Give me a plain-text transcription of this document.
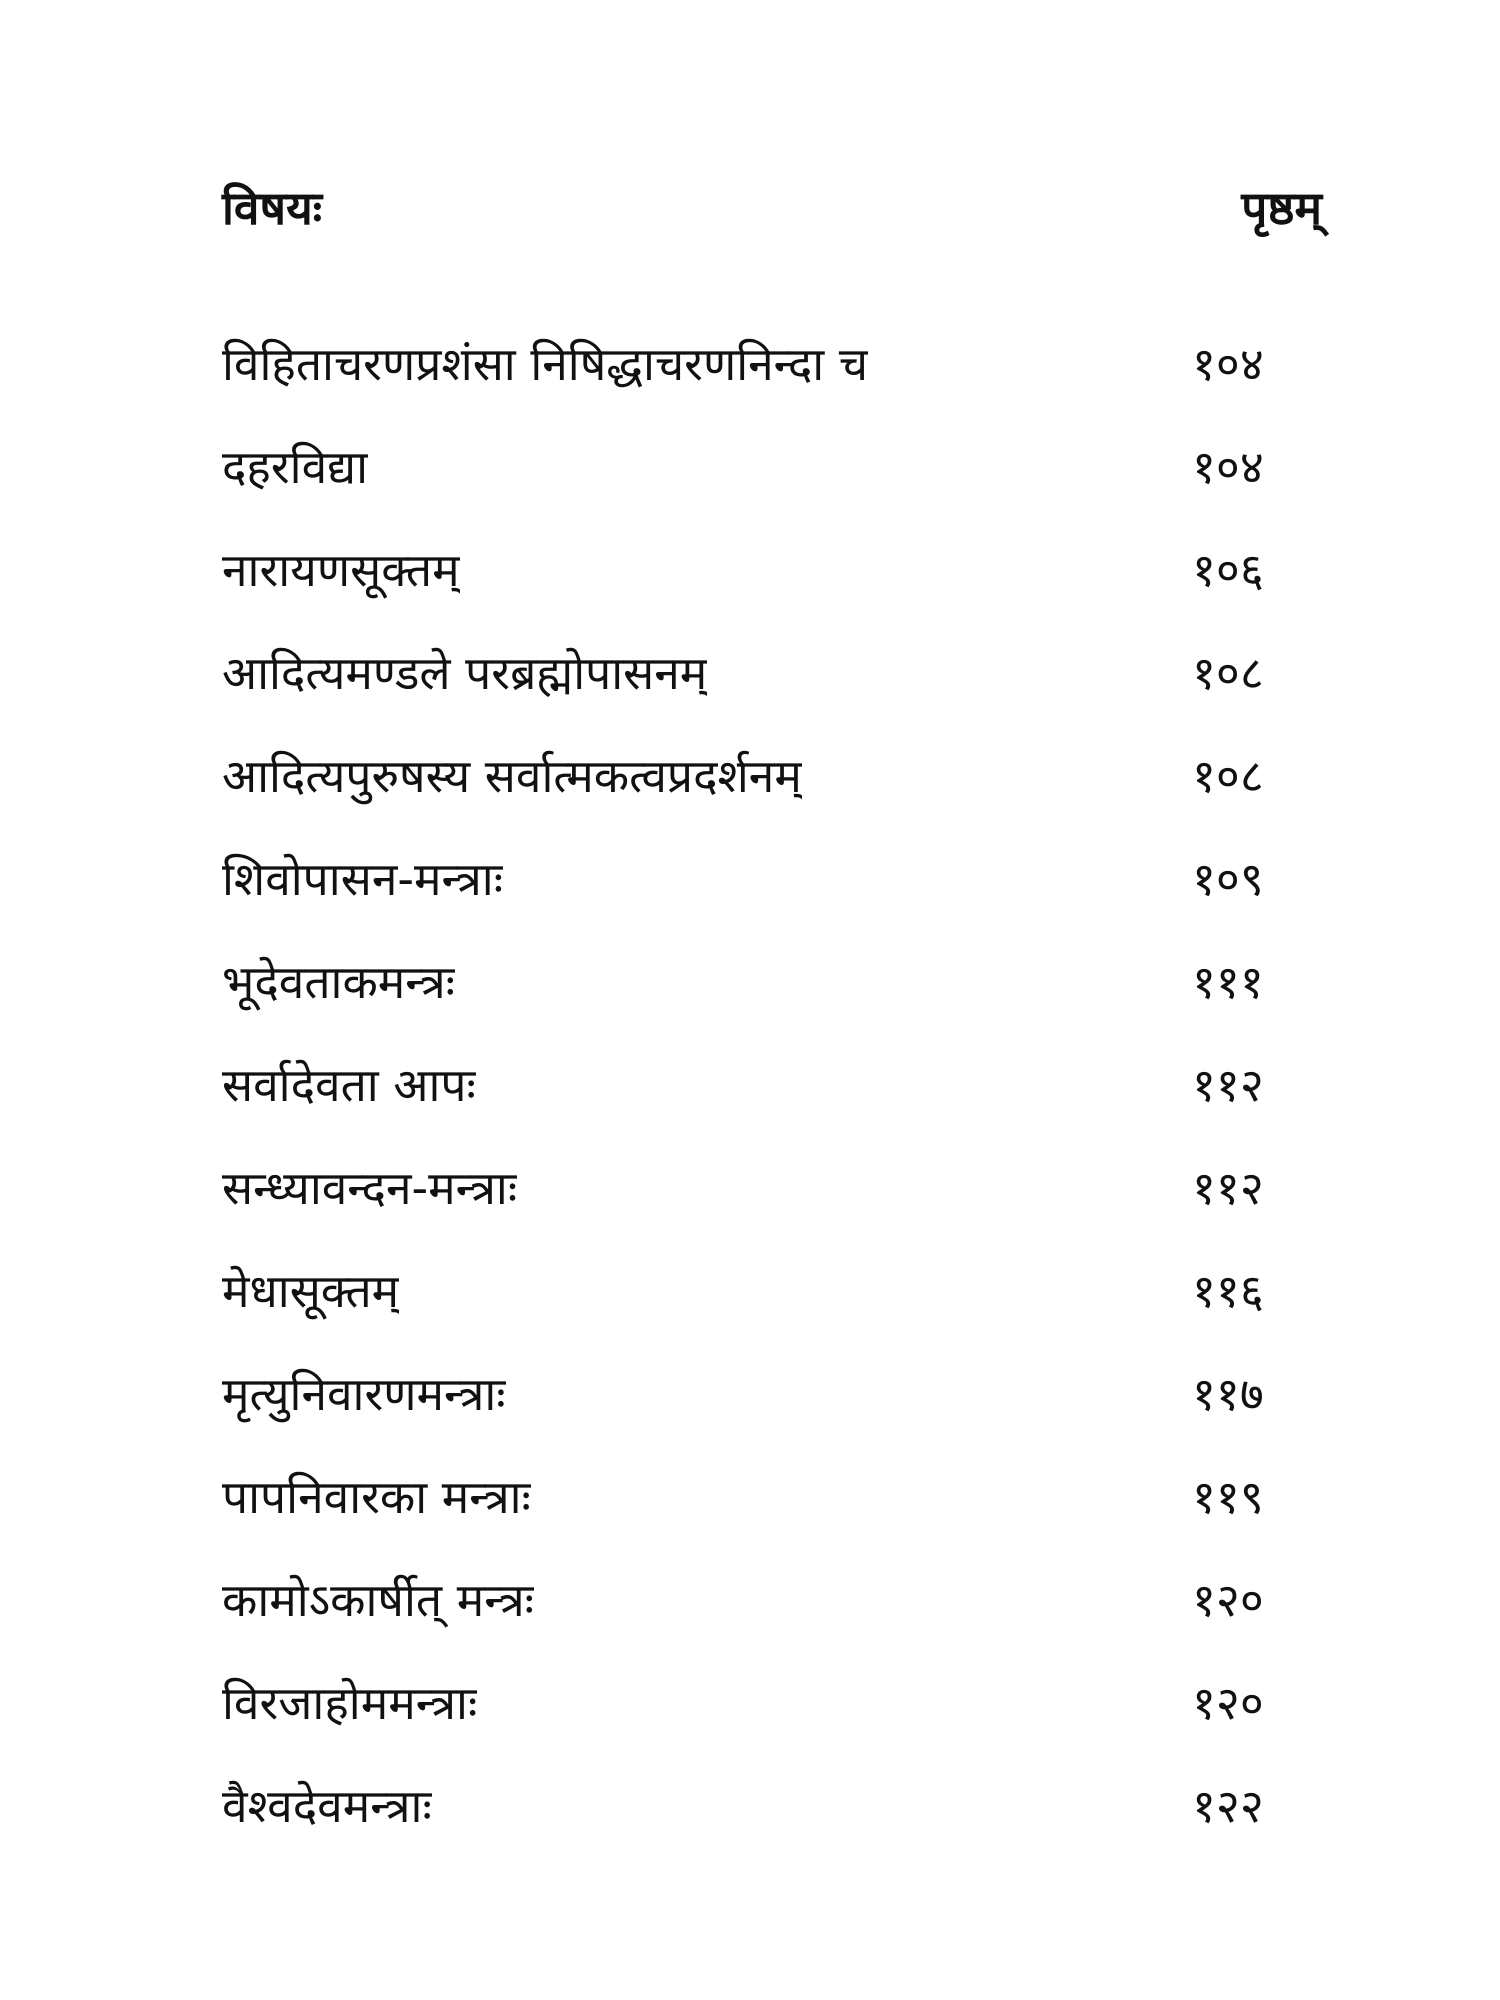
विषयः	पृष्ठम्
विहिताचरणप्रशंसा निषिद्धाचरणनिन्दा च	१०४
दहरविद्या	१०४
नारायणसूक्तम्	१०६
आदित्यमण्डले परब्रह्मोपासनम्	१०८
आदित्यपुरुषस्य सर्वात्मकत्वप्रदर्शनम्	१०८
शिवोपासन-मन्त्राः	१०९
भूदेवताकमन्त्रः	१११
सर्वादेवता आपः	११२
सन्ध्यावन्दन-मन्त्राः	११२
मेधासूक्तम्	११६
मृत्युनिवारणमन्त्राः	११७
पापनिवारका मन्त्राः	११९
कामोऽकार्षीत् मन्त्रः	१२०
विरजाहोममन्त्राः	१२०
वैश्वदेवमन्त्राः	१२२
